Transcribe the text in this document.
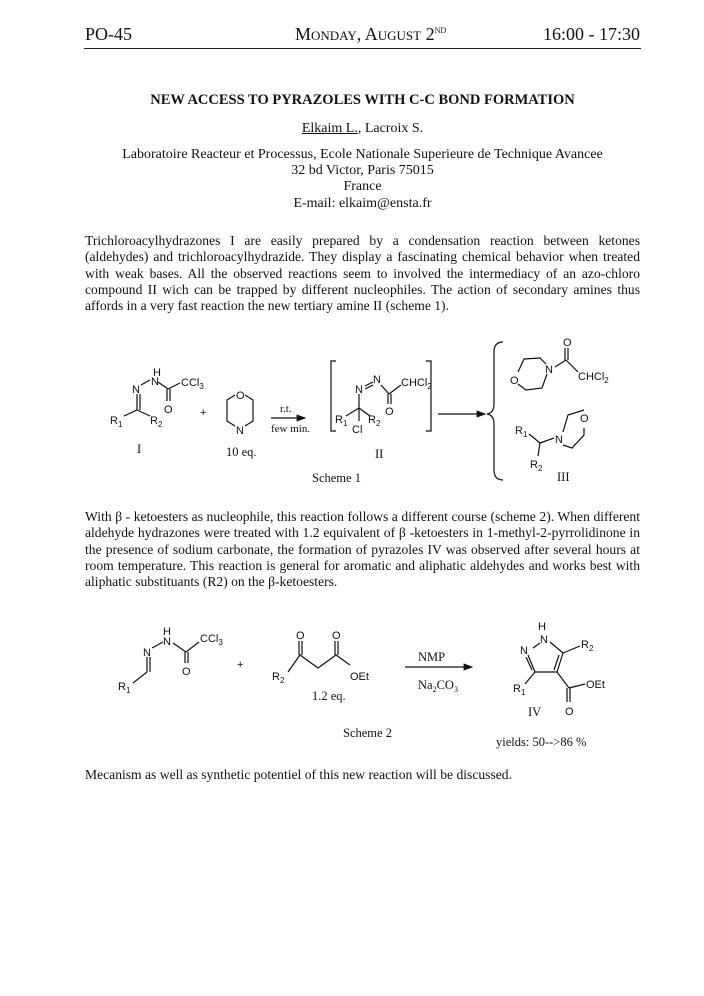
PO-45	Monday, August 2ND	16:00 - 17:30
NEW ACCESS TO PYRAZOLES WITH C-C BOND FORMATION
Elkaim L., Lacroix S.
Laboratoire Reacteur et Processus, Ecole Nationale Superieure de Technique Avancee
32 bd Victor, Paris 75015
France
E-mail: elkaim@ensta.fr
Trichloroacylhydrazones I are easily prepared by a condensation reaction between ketones (aldehydes) and trichloroacylhydrazide. They display a fascinating chemical behavior when treated with weak bases. All the observed reactions seem to involved the intermediacy of an azo-chloro compound II wich can be trapped by different nucleophiles. The action of secondary amines thus affords in a very fast reaction the new tertiary amine II (scheme 1).
With β - ketoesters as nucleophile, this reaction follows a different course (scheme 2). When different aldehyde hydrazones were treated with 1.2 equivalent of β -ketoesters in 1-methyl-2-pyrrolidinone in the presence of sodium carbonate, the formation of pyrazoles IV was observed after several hours at room temperature. This reaction is general for aromatic and aliphatic aldehydes and works best with aliphatic substituants (R2) on the β-ketoesters.
Mecanism as well as synthetic potentiel of this new reaction will be discussed.
N
H
N CCl$_3$
O
$R_1$	$R_2$
I
+
O
N
10 eq.
r.t.
few min.
N
N CHCl$_2$
O
$R_1$ $R_2$
Cl
II
O
N
O
CHCl$_2$
O
N
$R_1$
$R_2$
III
Scheme 1
N
H
N	CCl$_3$
O
$R_1$
+
O O
$R_2$	OEt
1.2 eq.
NMP
$Na_2CO_3$
H
N
N	$R_2$
$R_1$
OEt
O
IV
Scheme 2
yields: 50-->86 %
